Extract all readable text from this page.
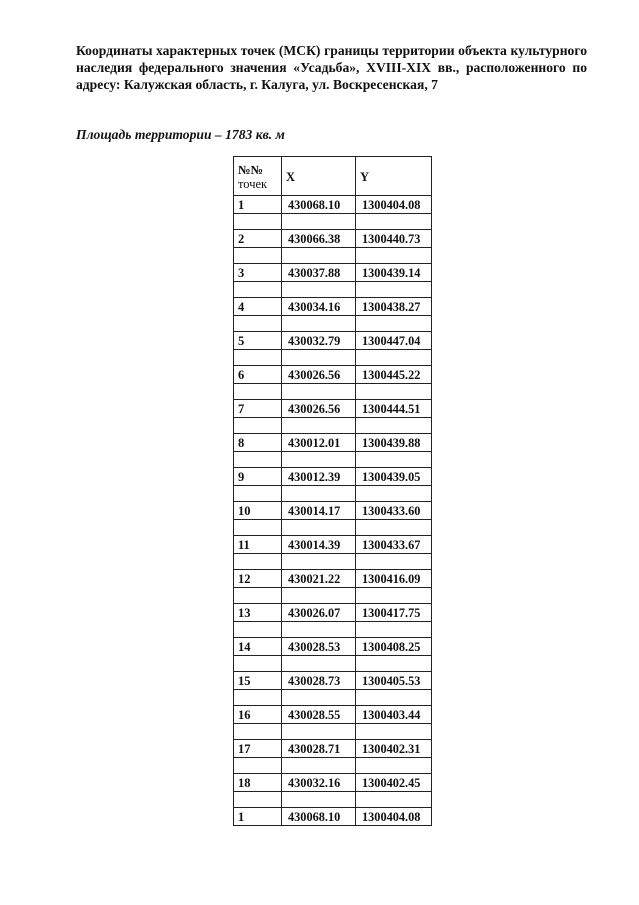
Координаты характерных точек (МСК) границы территории объекта культурного наследия федерального значения «Усадьба», XVIII-XIX вв., расположенного по адресу: Калужская область, г. Калуга, ул. Воскресенская, 7
Площадь территории – 1783 кв. м
№№
точек	X	Y
1	430068.10	1300404.08

2	430066.38	1300440.73

3	430037.88	1300439.14

4	430034.16	1300438.27

5	430032.79	1300447.04

6	430026.56	1300445.22

7	430026.56	1300444.51

8	430012.01	1300439.88

9	430012.39	1300439.05

10	430014.17	1300433.60

11	430014.39	1300433.67

12	430021.22	1300416.09

13	430026.07	1300417.75

14	430028.53	1300408.25

15	430028.73	1300405.53

16	430028.55	1300403.44

17	430028.71	1300402.31

18	430032.16	1300402.45

1	430068.10	1300404.08
